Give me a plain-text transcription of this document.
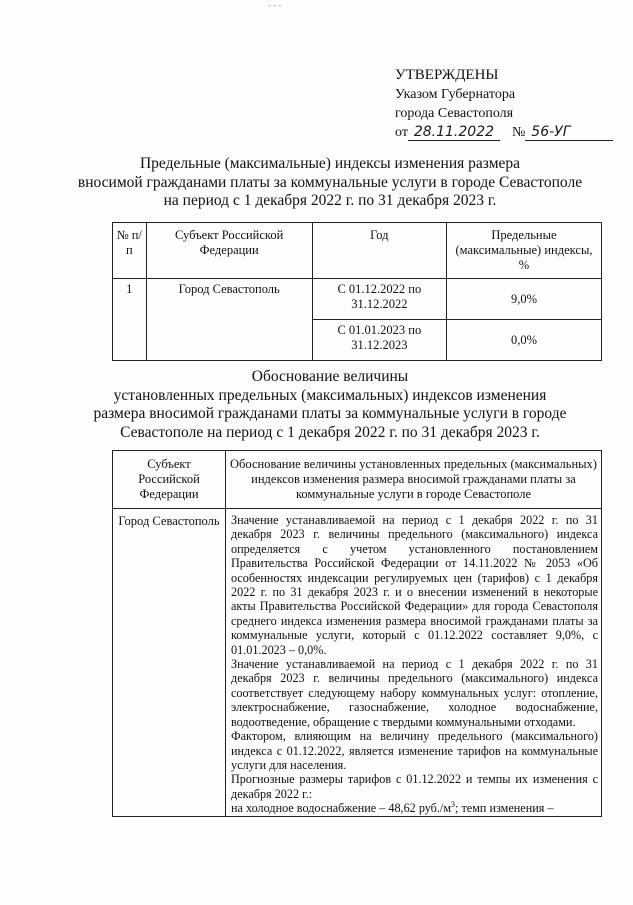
- - -
УТВЕРЖДЕНЫ
Указом Губернатора
города Севастополя
от 28.11.2022	№ 56-УГ
Предельные (максимальные) индексы изменения размера
вносимой гражданами платы за коммунальные услуги в городе Севастополе
на период с 1 декабря 2022 г. по 31 декабря 2023 г.
№ п/п	Субъект Российской Федерации	Год	Предельные (максимальные) индексы, %
1	Город Севастополь	С 01.12.2022 по 31.12.2022	9,0%
		С 01.01.2023 по 31.12.2023	0,0%
Обоснование величины
установленных предельных (максимальных) индексов изменения
размера вносимой гражданами платы за коммунальные услуги в городе
Севастополе на период с 1 декабря 2022 г. по 31 декабря 2023 г.
Субъект Российской Федерации	Обоснование величины установленных предельных (максимальных) индексов изменения размера вносимой гражданами платы за коммунальные услуги в городе Севастополе
Город Севастополь	Значение устанавливаемой на период с 1 декабря 2022 г. по 31 декабря 2023 г. величины предельного (максимального) индекса определяется с учетом установленного постановлением Правительства Российской Федерации от 14.11.2022 № 2053 «Об особенностях индексации регулируемых цен (тарифов) с 1 декабря 2022 г. по 31 декабря 2023 г. и о внесении изменений в некоторые акты Правительства Российской Федерации» для города Севастополя среднего индекса изменения размера вносимой гражданами платы за коммунальные услуги, который с 01.12.2022 составляет 9,0%, с 01.01.2023 – 0,0%.

Значение устанавливаемой на период с 1 декабря 2022 г. по 31 декабря 2023 г. величины предельного (максимального) индекса соответствует следующему набору коммунальных услуг: отопление, электроснабжение, газоснабжение, холодное водоснабжение, водоотведение, обращение с твердыми коммунальными отходами.

Фактором, влияющим на величину предельного (максимального) индекса с 01.12.2022, является изменение тарифов на коммунальные услуги для населения.

Прогнозные размеры тарифов с 01.12.2022 и темпы их изменения с декабря 2022 г.:

на холодное водоснабжение – 48,62 $руб./м^3$; темп изменения –
